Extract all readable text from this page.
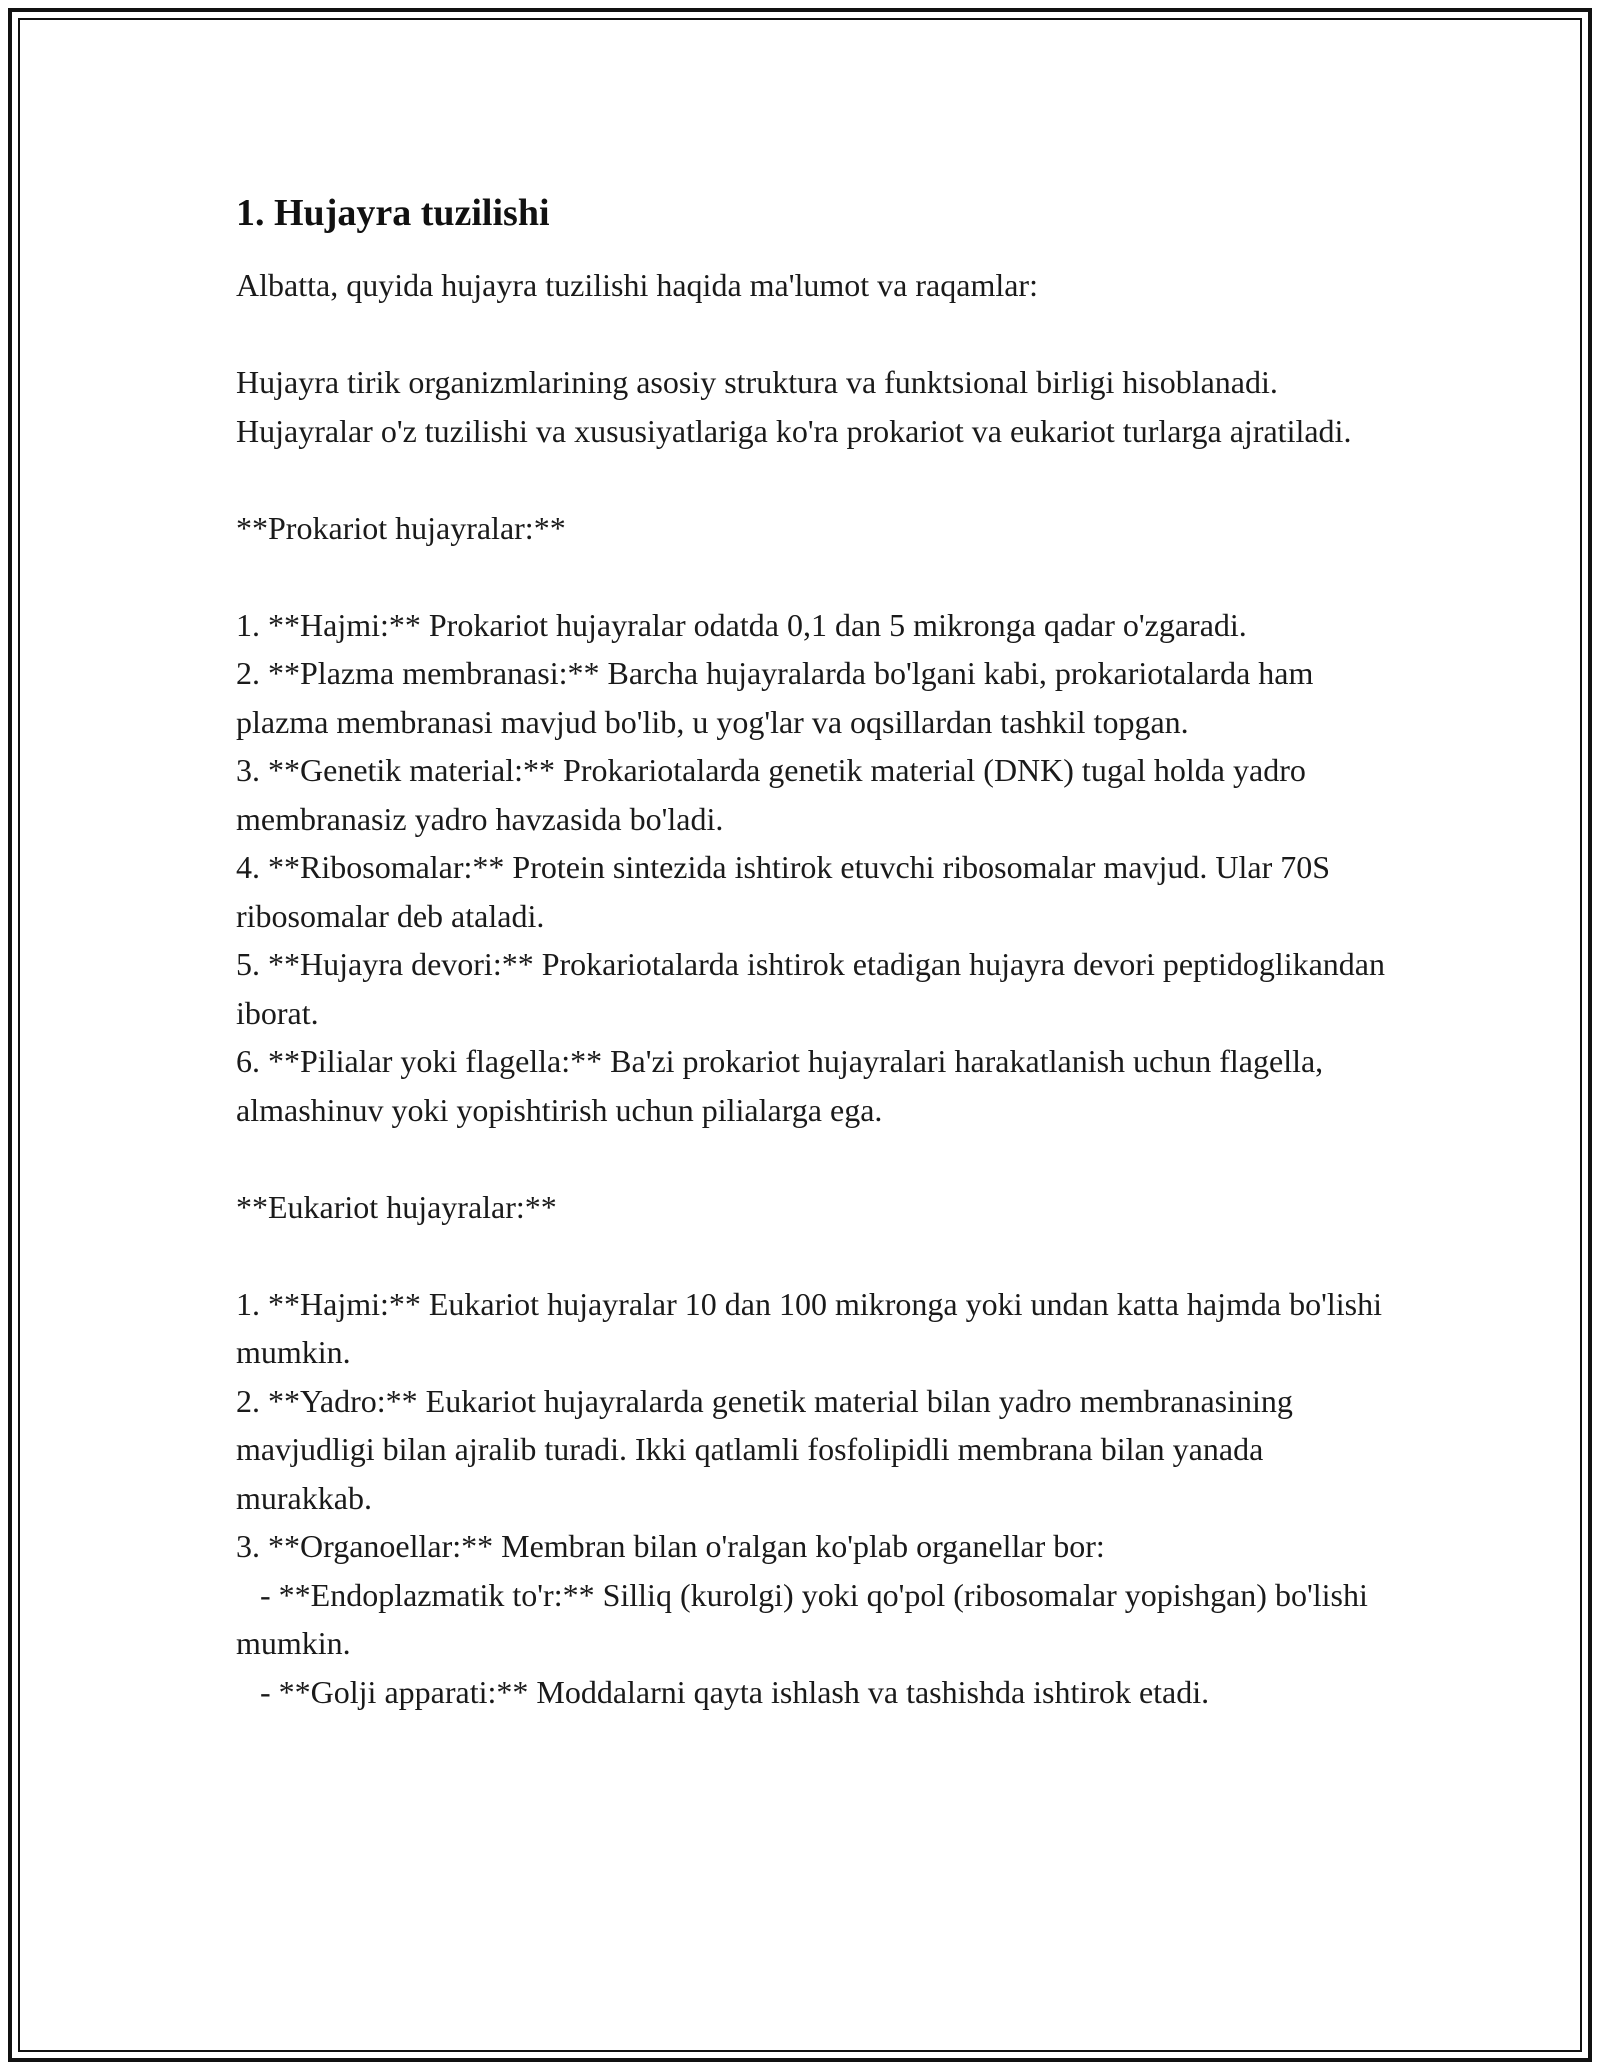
1. Hujayra tuzilishi

Albatta, quyida hujayra tuzilishi haqida ma'lumot va raqamlar:

Hujayra tirik organizmlarining asosiy struktura va funktsional birligi hisoblanadi. Hujayralar o'z tuzilishi va xususiyatlariga ko'ra prokariot va eukariot turlarga ajratiladi.

**Prokariot hujayralar:**

1. **Hajmi:** Prokariot hujayralar odatda 0,1 dan 5 mikronga qadar o'zgaradi.

2. **Plazma membranasi:** Barcha hujayralarda bo'lgani kabi, prokariotalarda ham plazma membranasi mavjud bo'lib, u yog'lar va oqsillardan tashkil topgan.

3. **Genetik material:** Prokariotalarda genetik material (DNK) tugal holda yadro membranasiz yadro havzasida bo'ladi.

4. **Ribosomalar:** Protein sintezida ishtirok etuvchi ribosomalar mavjud. Ular 70S ribosomalar deb ataladi.

5. **Hujayra devori:** Prokariotalarda ishtirok etadigan hujayra devori peptidoglikandan iborat.

6. **Pilialar yoki flagella:** Ba'zi prokariot hujayralari harakatlanish uchun flagella, almashinuv yoki yopishtirish uchun pilialarga ega.

**Eukariot hujayralar:**

1. **Hajmi:** Eukariot hujayralar 10 dan 100 mikronga yoki undan katta hajmda bo'lishi mumkin.

2. **Yadro:** Eukariot hujayralarda genetik material bilan yadro membranasining mavjudligi bilan ajralib turadi. Ikki qatlamli fosfolipidli membrana bilan yanada murakkab.

3. **Organoellar:** Membran bilan o'ralgan ko'plab organellar bor:

- **Endoplazmatik to'r:** Silliq (kurolgi) yoki qo'pol (ribosomalar yopishgan) bo'lishi mumkin.

- **Golji apparati:** Moddalarni qayta ishlash va tashishda ishtirok etadi.
